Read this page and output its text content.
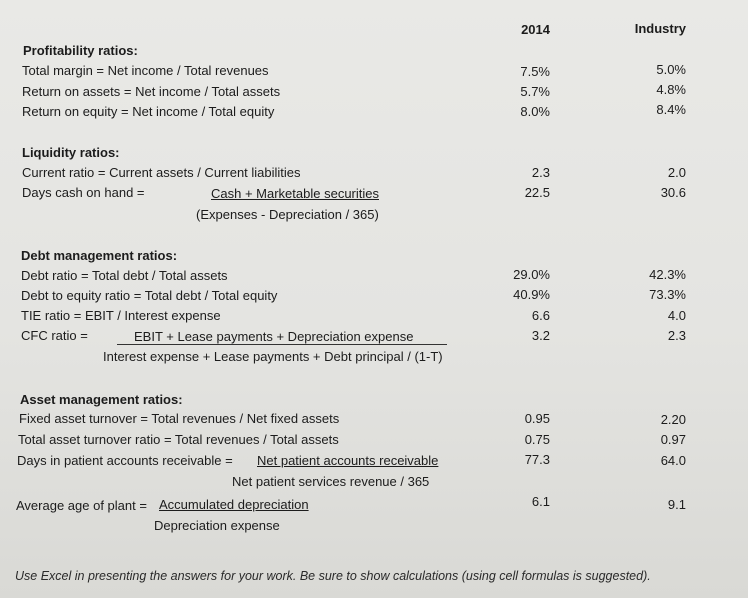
2014	Industry
Profitability ratios:
Total margin = Net income / Total revenues	7.5%	5.0%
Return on assets = Net income / Total assets	5.7%	4.8%
Return on equity = Net income / Total equity	8.0%	8.4%
Liquidity ratios:
Current ratio = Current assets / Current liabilities	2.3	2.0
Days cash on hand =	Cash + Marketable securities
(Expenses - Depreciation / 365)
22.5	30.6
Debt management ratios:
Debt ratio = Total debt / Total assets	29.0%	42.3%
Debt to equity ratio = Total debt / Total equity	40.9%	73.3%
TIE ratio = EBIT / Interest expense	6.6	4.0
CFC ratio =	EBIT + Lease payments + Depreciation expense
Interest expense + Lease payments + Debt principal / (1-T)
3.2	2.3
Asset management ratios:
Fixed asset turnover = Total revenues / Net fixed assets	0.95	2.20
Total asset turnover ratio = Total revenues / Total assets	0.75	0.97
Days in patient accounts receivable = Net patient accounts receivable
Net patient services revenue / 365
77.3	64.0
Average age of plant = Accumulated depreciation
Depreciation expense
6.1	9.1
Use Excel in presenting the answers for your work. Be sure to show calculations (using cell formulas is suggested).
